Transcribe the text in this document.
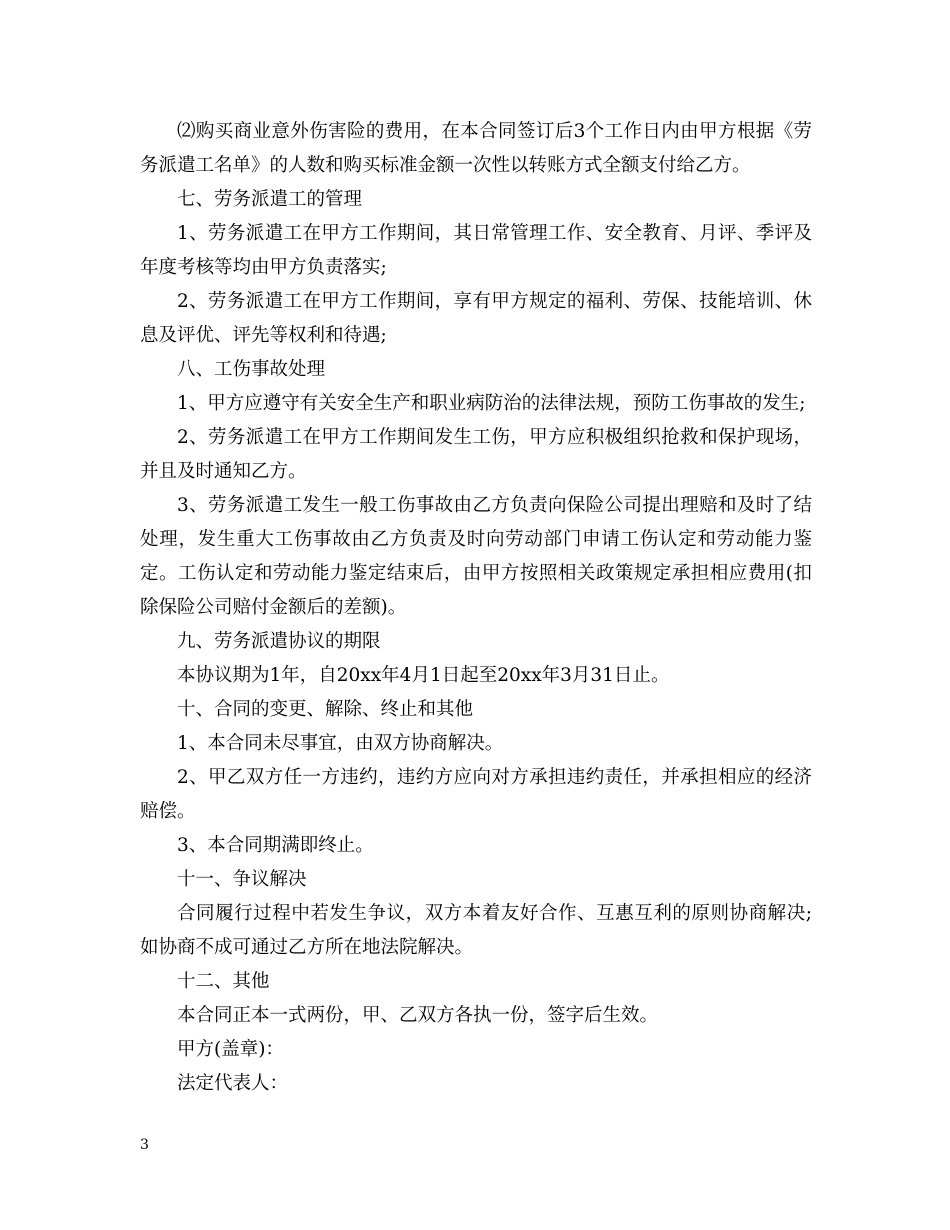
⑵购买商业意外伤害险的费用，在本合同签订后3个工作日内由甲方根据《劳务派遣工名单》的人数和购买标准金额一次性以转账方式全额支付给乙方。

七、劳务派遣工的管理

1、劳务派遣工在甲方工作期间，其日常管理工作、安全教育、月评、季评及年度考核等均由甲方负责落实;

2、劳务派遣工在甲方工作期间，享有甲方规定的福利、劳保、技能培训、休息及评优、评先等权利和待遇;

八、工伤事故处理

1、甲方应遵守有关安全生产和职业病防治的法律法规，预防工伤事故的发生;

2、劳务派遣工在甲方工作期间发生工伤，甲方应积极组织抢救和保护现场，并且及时通知乙方。

3、劳务派遣工发生一般工伤事故由乙方负责向保险公司提出理赔和及时了结处理，发生重大工伤事故由乙方负责及时向劳动部门申请工伤认定和劳动能力鉴定。工伤认定和劳动能力鉴定结束后，由甲方按照相关政策规定承担相应费用(扣除保险公司赔付金额后的差额)。

九、劳务派遣协议的期限

本协议期为1年，自20xx年4月1日起至20xx年3月31日止。

十、合同的变更、解除、终止和其他

1、本合同未尽事宜，由双方协商解决。

2、甲乙双方任一方违约，违约方应向对方承担违约责任，并承担相应的经济赔偿。

3、本合同期满即终止。

十一、争议解决

合同履行过程中若发生争议，双方本着友好合作、互惠互利的原则协商解决;如协商不成可通过乙方所在地法院解决。

十二、其他

本合同正本一式两份，甲、乙双方各执一份，签字后生效。

甲方(盖章)：

法定代表人：

3
